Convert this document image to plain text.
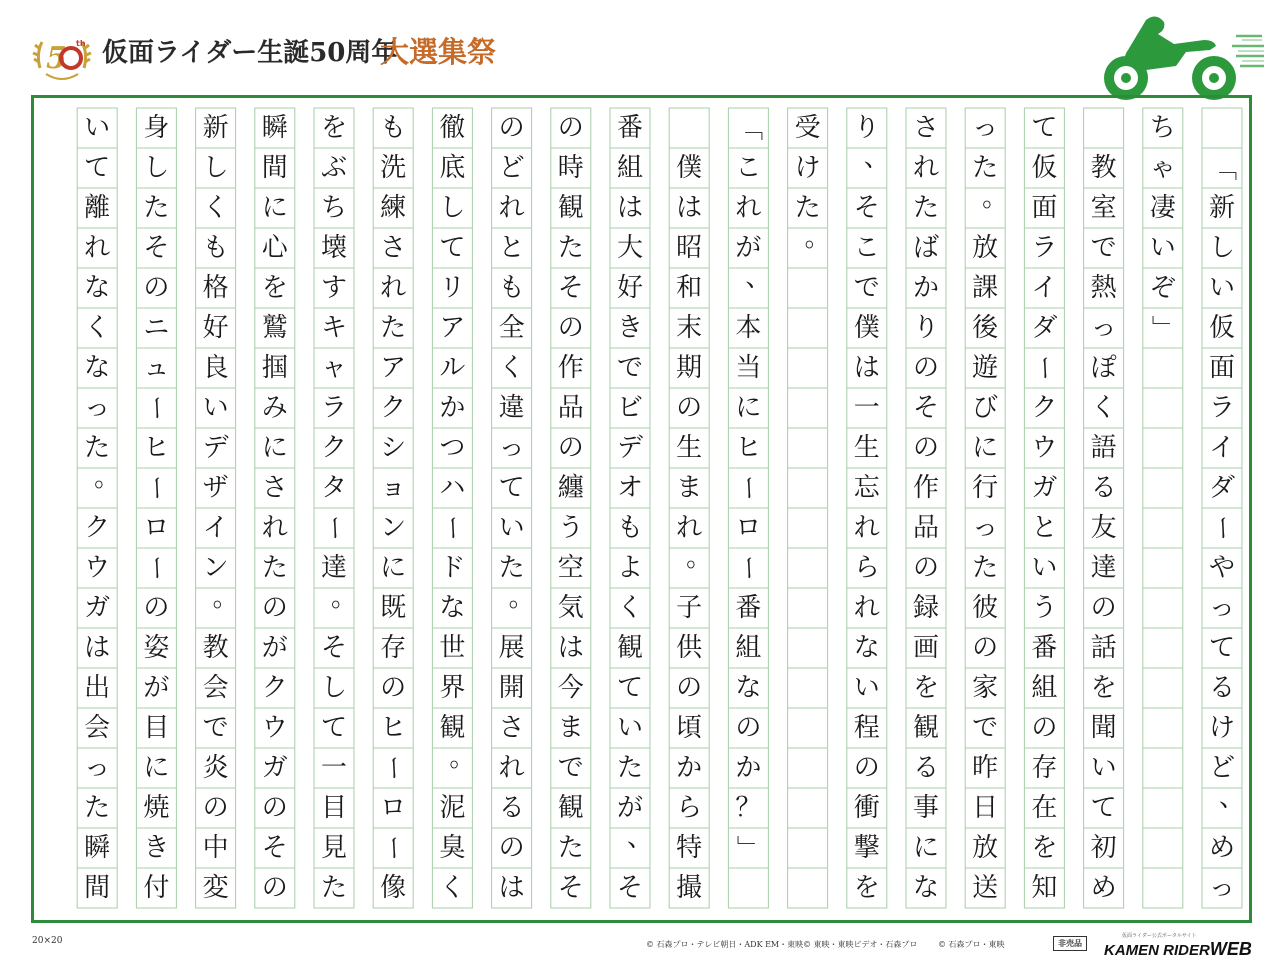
5 th 仮面ライダー生誕50周年
大選集祭
「
新
し
い
仮
面
ラ
イ
ダ
ー
や
っ
て
る
け
ど
、
め
っ
ち
ゃ
凄
い
ぞ
」
教
室
で
熱
っ
ぽ
く
語
る
友
達
の
話
を
聞
い
て
初
め
て
仮
面
ラ
イ
ダ
ー
ク
ウ
ガ
と
い
う
番
組
の
存
在
を
知
っ
た
。
放
課
後
遊
び
に
行
っ
た
彼
の
家
で
昨
日
放
送
さ
れ
た
ば
か
り
の
そ
の
作
品
の
録
画
を
観
る
事
に
な
り
、
そ
こ
で
僕
は
一
生
忘
れ
ら
れ
な
い
程
の
衝
撃
を
受
け
た
。
「
こ
れ
が
、
本
当
に
ヒ
ー
ロ
ー
番
組
な
の
か
？
」
僕
は
昭
和
末
期
の
生
ま
れ
。
子
供
の
頃
か
ら
特
撮
番
組
は
大
好
き
で
ビ
デ
オ
も
よ
く
観
て
い
た
が
、
そ
の
時
観
た
そ
の
作
品
の
纏
う
空
気
は
今
ま
で
観
た
そ
の
ど
れ
と
も
全
く
違
っ
て
い
た
。
展
開
さ
れ
る
の
は
徹
底
し
て
リ
ア
ル
か
つ
ハ
ー
ド
な
世
界
観
。
泥
臭
く
も
洗
練
さ
れ
た
ア
ク
シ
ョ
ン
に
既
存
の
ヒ
ー
ロ
ー
像
を
ぶ
ち
壊
す
キ
ャ
ラ
ク
タ
ー
達
。
そ
し
て
一
目
見
た
瞬
間
に
心
を
鷲
掴
み
に
さ
れ
た
の
が
ク
ウ
ガ
の
そ
の
新
し
く
も
格
好
良
い
デ
ザ
イ
ン
。
教
会
で
炎
の
中
変
身
し
た
そ
の
ニ
ュ
ー
ヒ
ー
ロ
ー
の
姿
が
目
に
焼
き
付
い
て
離
れ
な
く
な
っ
た
。
ク
ウ
ガ
は
出
会
っ
た
瞬
間
20×20	© 石森プロ・テレビ朝日・ADK EM・東映 © 東映・東映ビデオ・石森プロ	© 石森プロ・東映	非売品
仮面ライダー公式ポータルサイト
KAMEN RIDERWEB
